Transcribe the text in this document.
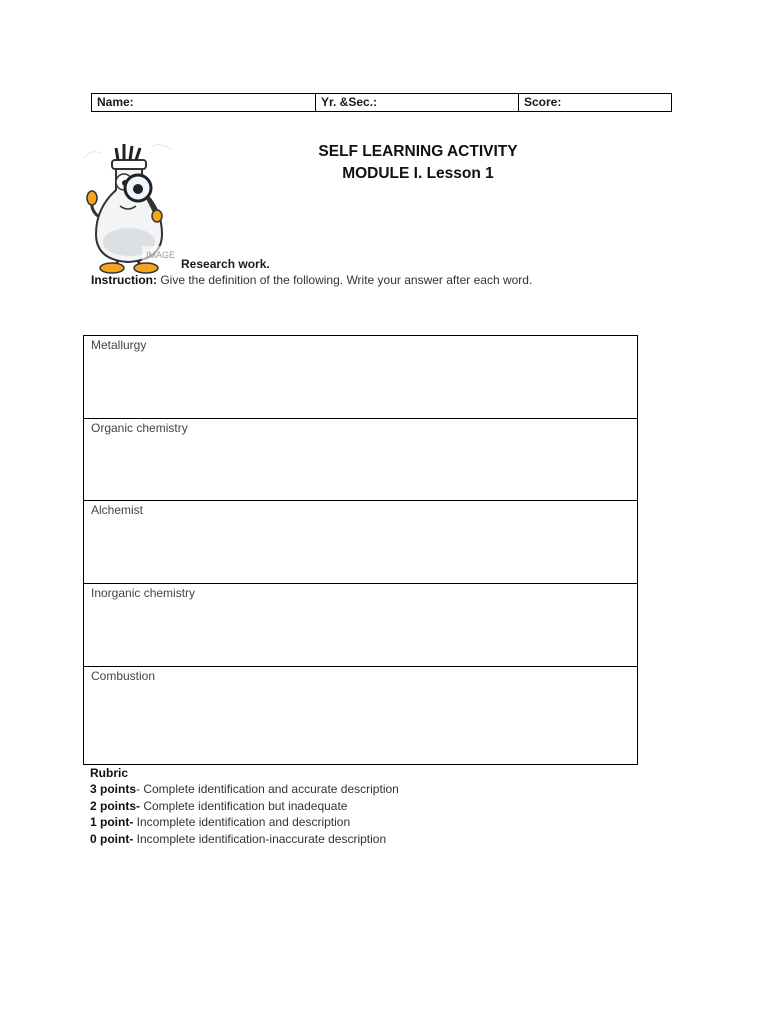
Name:	Yr. &Sec.:	Score:
IMAGE
SELF LEARNING ACTIVITY
MODULE I. Lesson 1
Research work.
Instruction: Give the definition of the following. Write your answer after each word.
Metallurgy
Organic chemistry
Alchemist
Inorganic chemistry
Combustion
Rubric
3 points- Complete identification and accurate description
2 points- Complete identification but inadequate
1 point- Incomplete identification and description
0 point- Incomplete identification-inaccurate description
